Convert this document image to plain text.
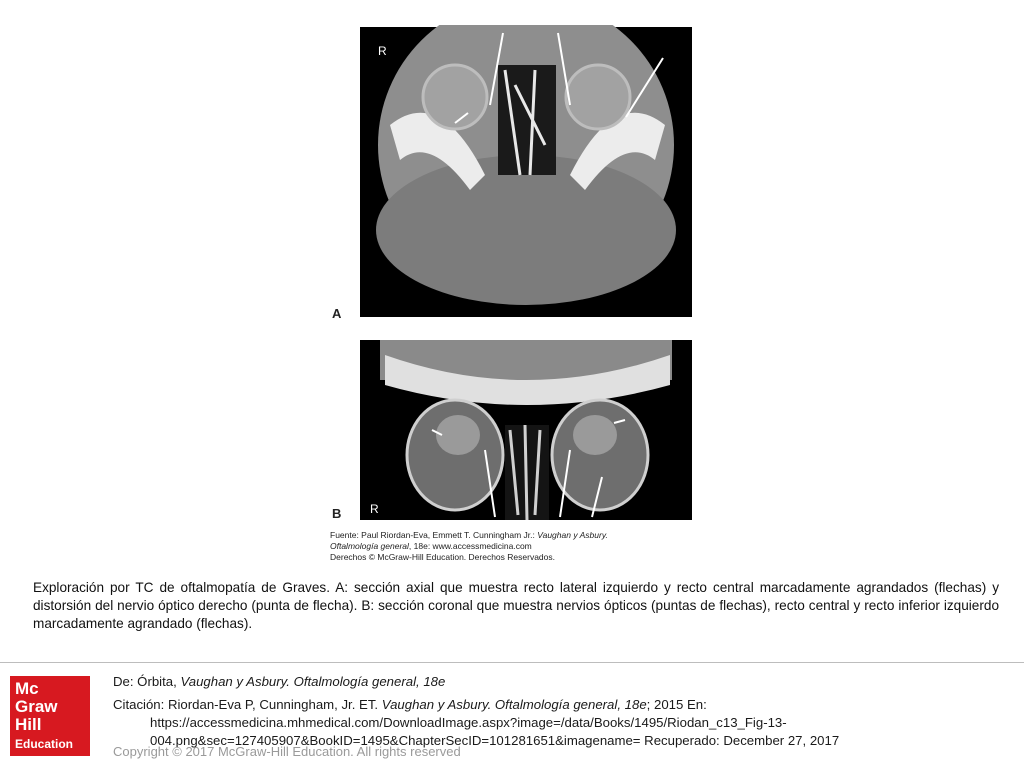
R
R
A
B
Fuente: Paul Riordan-Eva, Emmett T. Cunningham Jr.: Vaughan y Asbury.
Oftalmología general, 18e: www.accessmedicina.com
Derechos © McGraw-Hill Education. Derechos Reservados.
Exploración por TC de oftalmopatía de Graves. A: sección axial que muestra recto lateral izquierdo y recto central marcadamente agrandados (flechas) y distorsión del nervio óptico derecho (punta de flecha). B: sección coronal que muestra nervios ópticos (puntas de flechas), recto central y recto inferior izquierdo marcadamente agrandado (flechas).
Mc
Graw
Hill
Education
De: Órbita, Vaughan y Asbury. Oftalmología general, 18e
Citación: Riordan-Eva P, Cunningham, Jr. ET. Vaughan y Asbury. Oftalmología general, 18e; 2015 En:
https://accessmedicina.mhmedical.com/DownloadImage.aspx?image=/data/Books/1495/Riodan_c13_Fig-13-
004.png&sec=127405907&BookID=1495&ChapterSecID=101281651&imagename= Recuperado: December 27, 2017
Copyright © 2017 McGraw-Hill Education. All rights reserved
